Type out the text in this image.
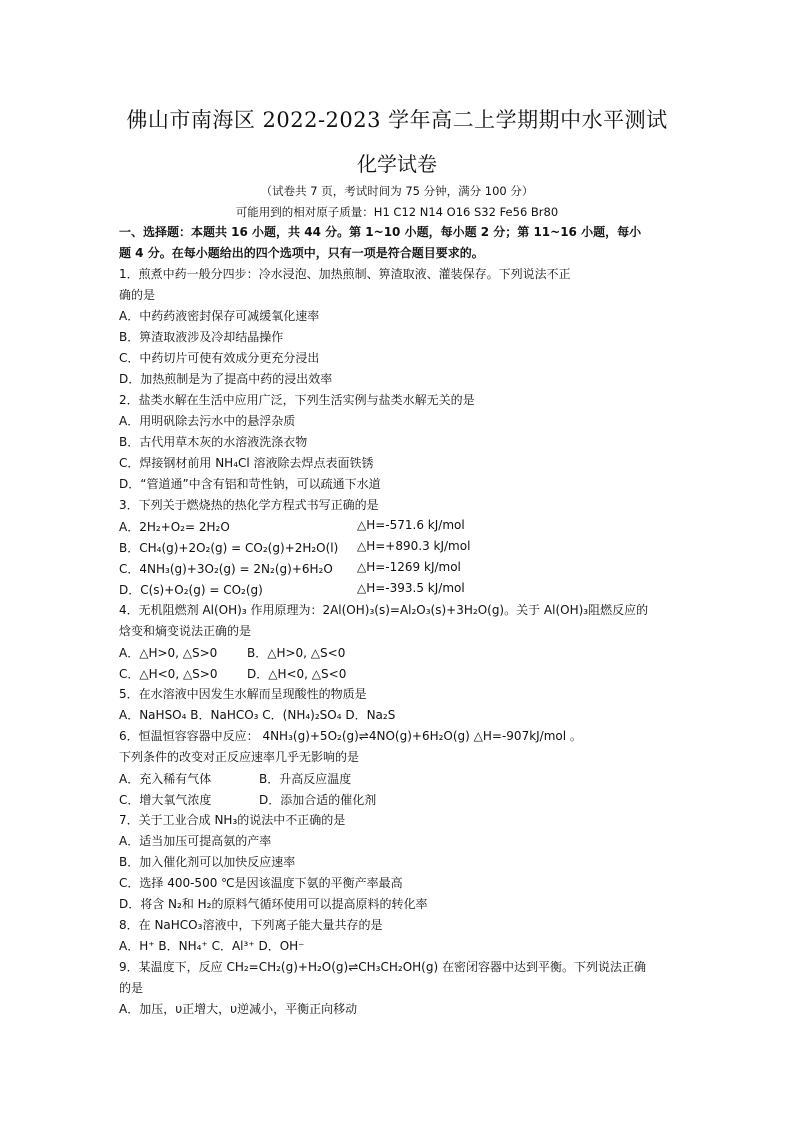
佛山市南海区 2022-2023 学年高二上学期期中水平测试
化学试卷
（试卷共 7 页，考试时间为 75 分钟，满分 100 分）
可能用到的相对原子质量：H1 C12 N14 O16 S32 Fe56 Br80
一、选择题：本题共 16 小题，共 44 分。第 1~10 小题，每小题 2 分；第 11~16 小题，每小
题 4 分。在每小题给出的四个选项中，只有一项是符合题目要求的。
1．煎煮中药一般分四步：冷水浸泡、加热煎制、箅渣取液、灌装保存。下列说法不正
确的是
A．中药药液密封保存可减缓氧化速率
B．箅渣取液涉及冷却结晶操作
C．中药切片可使有效成分更充分浸出
D．加热煎制是为了提高中药的浸出效率
2．盐类水解在生活中应用广泛，下列生活实例与盐类水解无关的是
A．用明矾除去污水中的悬浮杂质
B．古代用草木灰的水溶液洗涤衣物
C．焊接钢材前用 NH₄Cl 溶液除去焊点表面铁锈
D．“管道通”中含有铝和苛性钠，可以疏通下水道
3．下列关于燃烧热的热化学方程式书写正确的是
A．2H₂+O₂= 2H₂O	△H=-571.6 kJ/mol
B．CH₄(g)+2O₂(g) = CO₂(g)+2H₂O(l) △H=+890.3 kJ/mol
C．4NH₃(g)+3O₂(g) = 2N₂(g)+6H₂O △H=-1269 kJ/mol
D．C(s)+O₂(g) = CO₂(g)	△H=-393.5 kJ/mol
4．无机阻燃剂 Al(OH)₃ 作用原理为：2Al(OH)₃(s)=Al₂O₃(s)+3H₂O(g)。关于 Al(OH)₃阻燃反应的
焓变和熵变说法正确的是
A．△H>0, △S>0 B．△H>0, △S<0
C．△H<0, △S>0 D．△H<0, △S<0
5．在水溶液中因发生水解而呈现酸性的物质是
A．NaHSO₄ B．NaHCO₃ C．(NH₄)₂SO₄ D．Na₂S
6．恒温恒容容器中反应： 4NH₃(g)+5O₂(g)⇌4NO(g)+6H₂O(g) △H=-907kJ/mol 。
下列条件的改变对正反应速率几乎无影响的是
A．充入稀有气体	B．升高反应温度
C．增大氧气浓度	D．添加合适的催化剂
7．关于工业合成 NH₃的说法中不正确的是
A．适当加压可提高氨的产率
B．加入催化剂可以加快反应速率
C．选择 400-500 ℃是因该温度下氨的平衡产率最高
D．将含 N₂和 H₂的原料气循环使用可以提高原料的转化率
8．在 NaHCO₃溶液中，下列离子能大量共存的是
A．H⁺ B．NH₄⁺ C．Al³⁺ D．OH⁻
9．某温度下，反应 CH₂=CH₂(g)+H₂O(g)⇌CH₃CH₂OH(g) 在密闭容器中达到平衡。下列说法正确
的是
A．加压，υ正增大，υ逆减小，平衡正向移动
